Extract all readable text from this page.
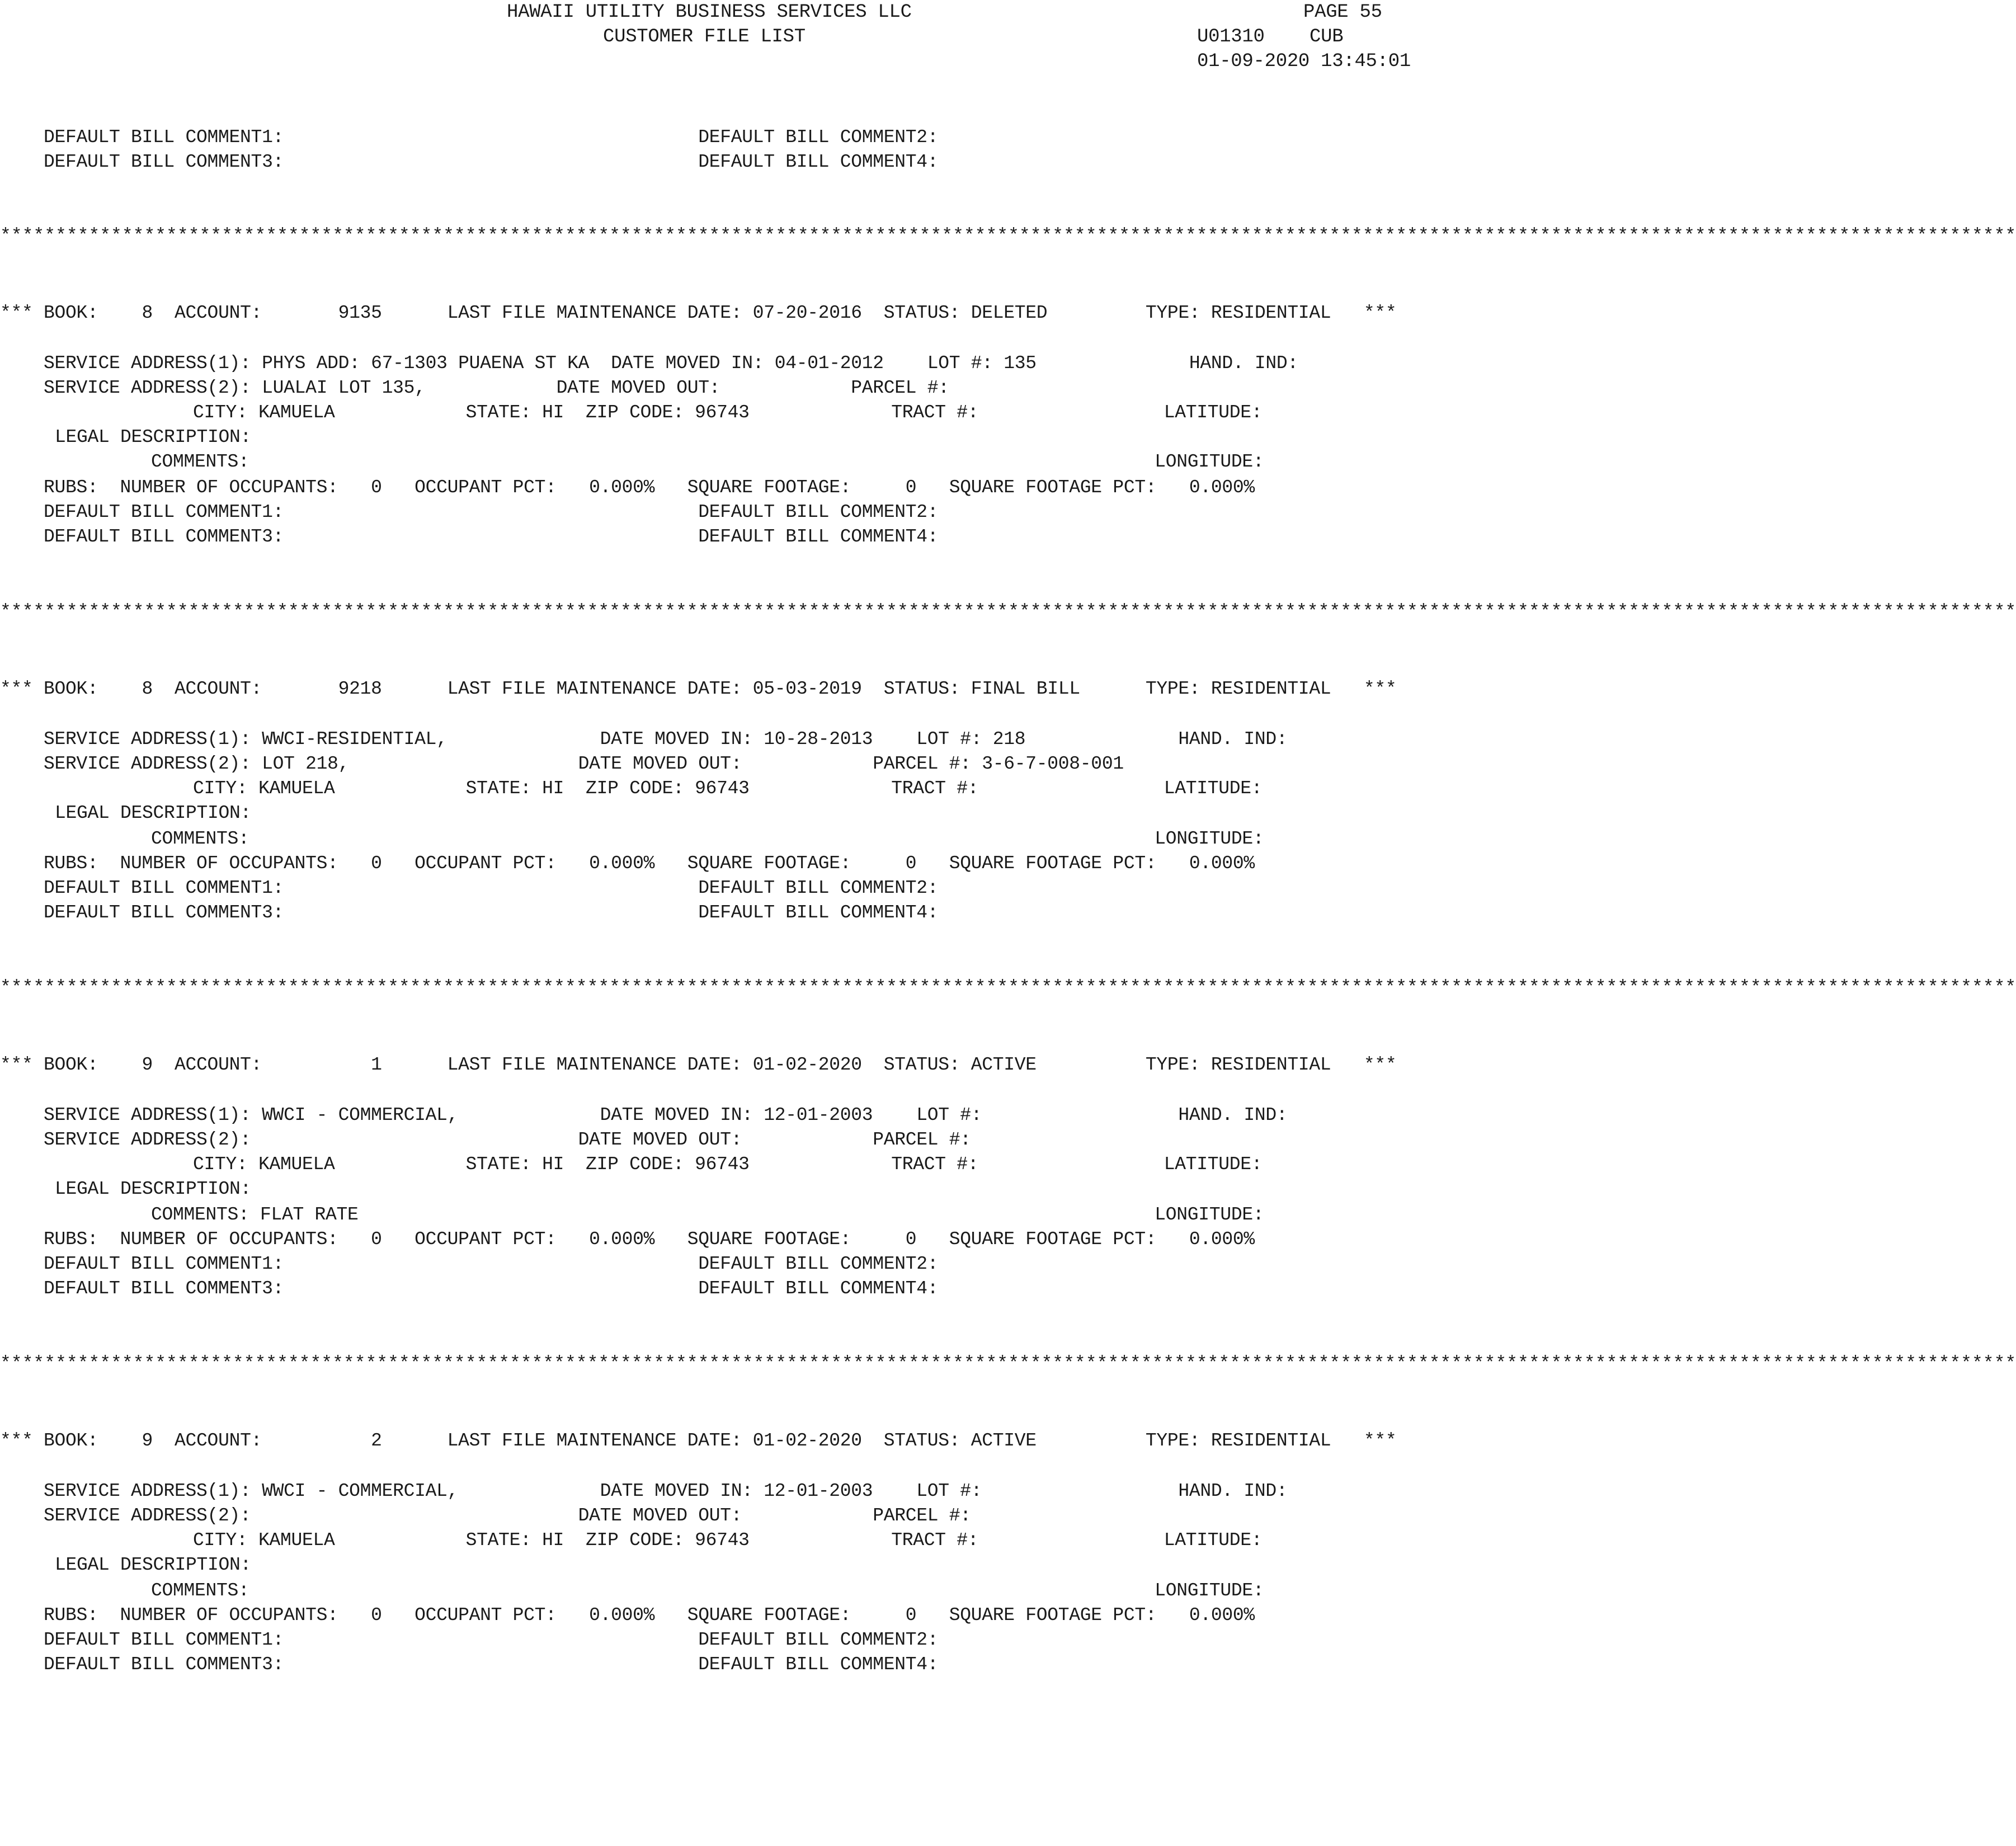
HAWAII UTILITY BUSINESS SERVICES LLC
CUSTOMER FILE LIST
PAGE 55
U01310    CUB
01-09-2020 13:45:01
DEFAULT BILL COMMENT1:                                      DEFAULT BILL COMMENT2:
DEFAULT BILL COMMENT3:                                      DEFAULT BILL COMMENT4:
**************************************************************************************************************************************************************************************
*** BOOK:    8  ACCOUNT:       9135      LAST FILE MAINTENANCE DATE: 07-20-2016  STATUS: DELETED         TYPE: RESIDENTIAL   ***
SERVICE ADDRESS(1): PHYS ADD: 67-1303 PUAENA ST KA  DATE MOVED IN: 04-01-2012    LOT #: 135              HAND. IND:
SERVICE ADDRESS(2): LUALAI LOT 135,            DATE MOVED OUT:            PARCEL #:
CITY: KAMUELA            STATE: HI  ZIP CODE: 96743             TRACT #:                 LATITUDE:
LEGAL DESCRIPTION:
COMMENTS:                                                                                   LONGITUDE:
RUBS:  NUMBER OF OCCUPANTS:   0   OCCUPANT PCT:   0.000%   SQUARE FOOTAGE:     0   SQUARE FOOTAGE PCT:   0.000%
DEFAULT BILL COMMENT1:                                      DEFAULT BILL COMMENT2:
DEFAULT BILL COMMENT3:                                      DEFAULT BILL COMMENT4:
**************************************************************************************************************************************************************************************
*** BOOK:    8  ACCOUNT:       9218      LAST FILE MAINTENANCE DATE: 05-03-2019  STATUS: FINAL BILL      TYPE: RESIDENTIAL   ***
SERVICE ADDRESS(1): WWCI-RESIDENTIAL,              DATE MOVED IN: 10-28-2013    LOT #: 218              HAND. IND:
SERVICE ADDRESS(2): LOT 218,                     DATE MOVED OUT:            PARCEL #: 3-6-7-008-001
CITY: KAMUELA            STATE: HI  ZIP CODE: 96743             TRACT #:                 LATITUDE:
LEGAL DESCRIPTION:
COMMENTS:                                                                                   LONGITUDE:
RUBS:  NUMBER OF OCCUPANTS:   0   OCCUPANT PCT:   0.000%   SQUARE FOOTAGE:     0   SQUARE FOOTAGE PCT:   0.000%
DEFAULT BILL COMMENT1:                                      DEFAULT BILL COMMENT2:
DEFAULT BILL COMMENT3:                                      DEFAULT BILL COMMENT4:
**************************************************************************************************************************************************************************************
*** BOOK:    9  ACCOUNT:          1      LAST FILE MAINTENANCE DATE: 01-02-2020  STATUS: ACTIVE          TYPE: RESIDENTIAL   ***
SERVICE ADDRESS(1): WWCI - COMMERCIAL,             DATE MOVED IN: 12-01-2003    LOT #:                  HAND. IND:
SERVICE ADDRESS(2):                              DATE MOVED OUT:            PARCEL #:
CITY: KAMUELA            STATE: HI  ZIP CODE: 96743             TRACT #:                 LATITUDE:
LEGAL DESCRIPTION:
COMMENTS: FLAT RATE                                                                         LONGITUDE:
RUBS:  NUMBER OF OCCUPANTS:   0   OCCUPANT PCT:   0.000%   SQUARE FOOTAGE:     0   SQUARE FOOTAGE PCT:   0.000%
DEFAULT BILL COMMENT1:                                      DEFAULT BILL COMMENT2:
DEFAULT BILL COMMENT3:                                      DEFAULT BILL COMMENT4:
**************************************************************************************************************************************************************************************
*** BOOK:    9  ACCOUNT:          2      LAST FILE MAINTENANCE DATE: 01-02-2020  STATUS: ACTIVE          TYPE: RESIDENTIAL   ***
SERVICE ADDRESS(1): WWCI - COMMERCIAL,             DATE MOVED IN: 12-01-2003    LOT #:                  HAND. IND:
SERVICE ADDRESS(2):                              DATE MOVED OUT:            PARCEL #:
CITY: KAMUELA            STATE: HI  ZIP CODE: 96743             TRACT #:                 LATITUDE:
LEGAL DESCRIPTION:
COMMENTS:                                                                                   LONGITUDE:
RUBS:  NUMBER OF OCCUPANTS:   0   OCCUPANT PCT:   0.000%   SQUARE FOOTAGE:     0   SQUARE FOOTAGE PCT:   0.000%
DEFAULT BILL COMMENT1:                                      DEFAULT BILL COMMENT2:
DEFAULT BILL COMMENT3:                                      DEFAULT BILL COMMENT4:
